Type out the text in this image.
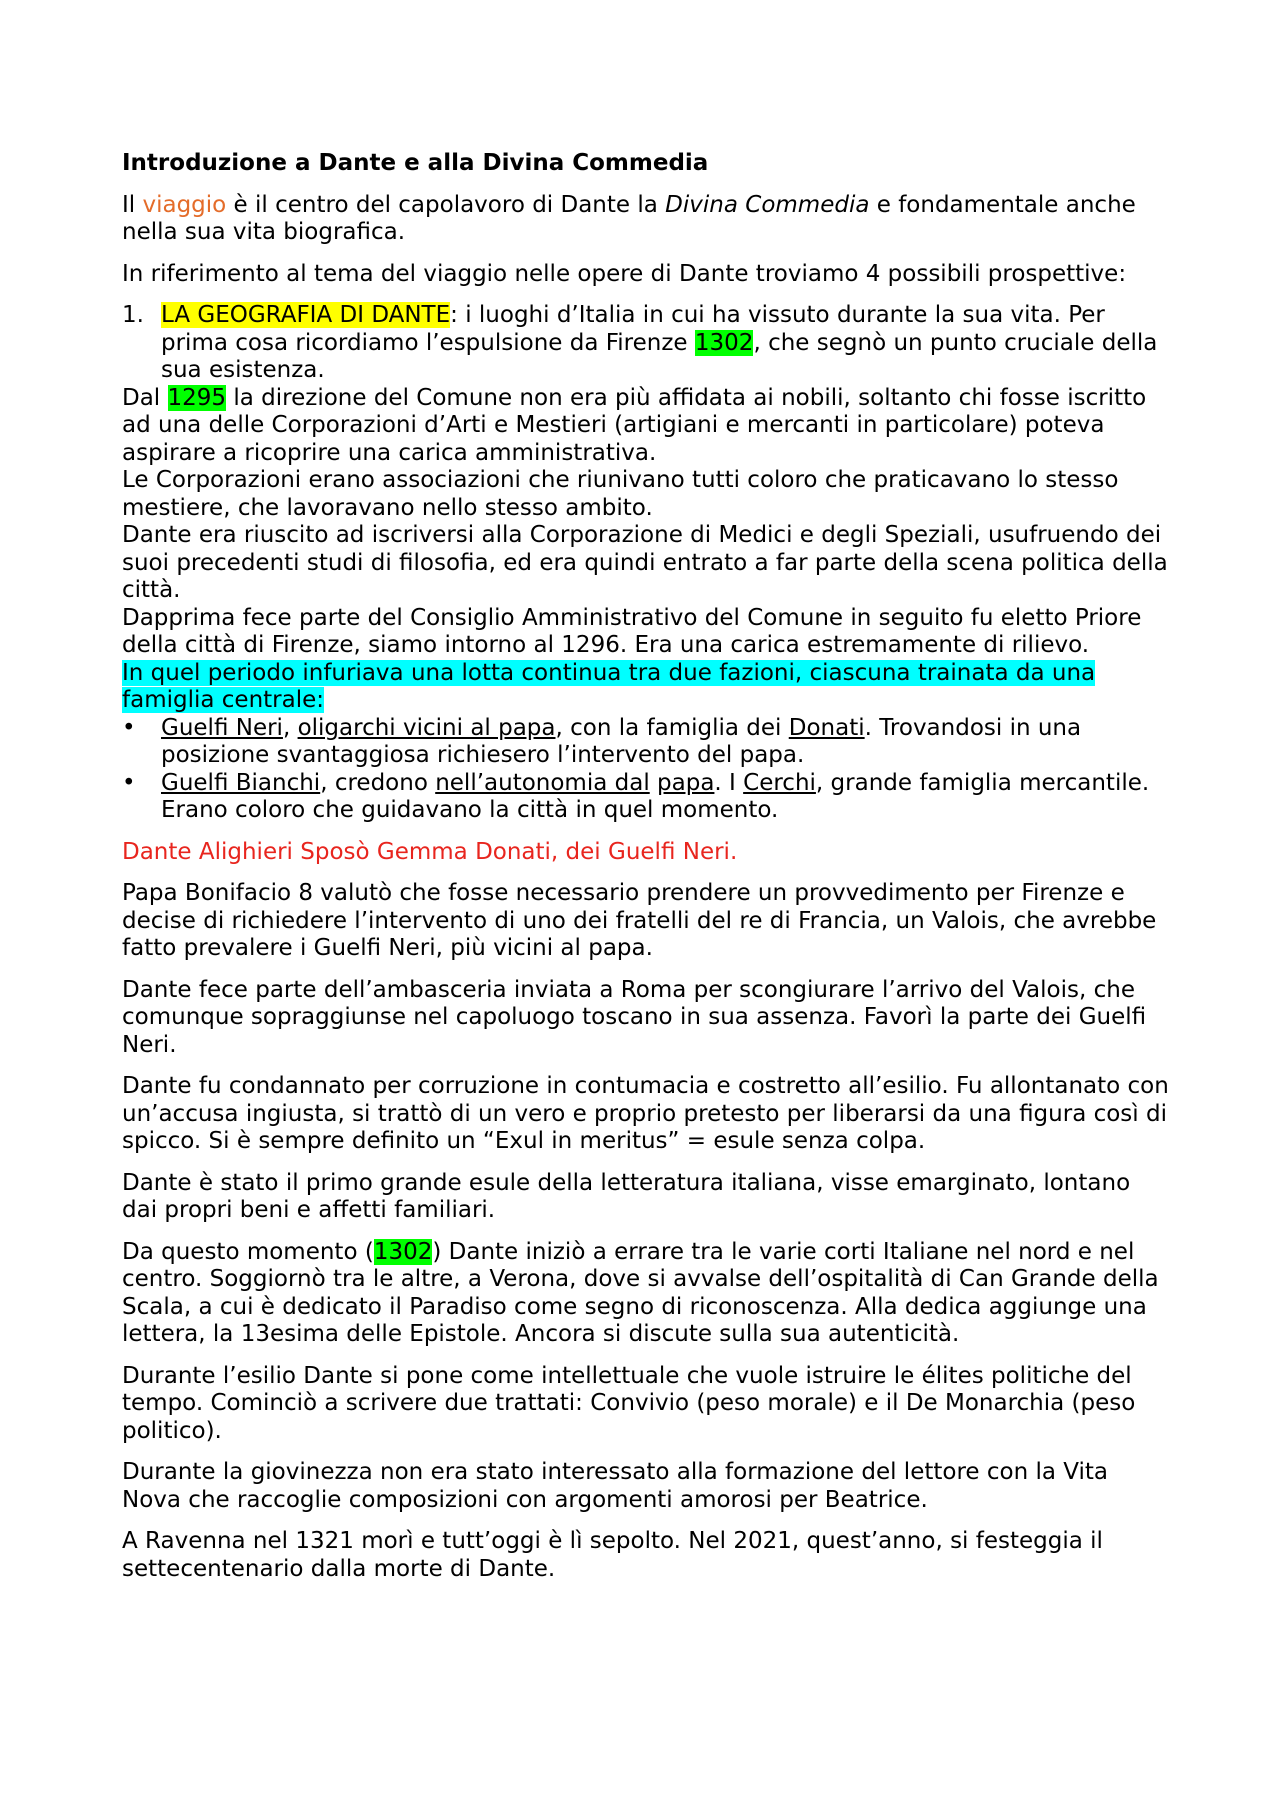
Introduzione a Dante e alla Divina Commedia

Il viaggio è il centro del capolavoro di Dante la Divina Commedia e fondamentale anche nella sua vita biografica.

In riferimento al tema del viaggio nelle opere di Dante troviamo 4 possibili prospettive:

1. LA GEOGRAFIA DI DANTE: i luoghi d’Italia in cui ha vissuto durante la sua vita. Per prima cosa ricordiamo l’espulsione da Firenze 1302, che segnò un punto cruciale della sua esistenza.

Dal 1295 la direzione del Comune non era più affidata ai nobili, soltanto chi fosse iscritto ad una delle Corporazioni d’Arti e Mestieri (artigiani e mercanti in particolare) poteva aspirare a ricoprire una carica amministrativa.

Le Corporazioni erano associazioni che riunivano tutti coloro che praticavano lo stesso mestiere, che lavoravano nello stesso ambito.

Dante era riuscito ad iscriversi alla Corporazione di Medici e degli Speziali, usufruendo dei suoi precedenti studi di filosofia, ed era quindi entrato a far parte della scena politica della città.

Dapprima fece parte del Consiglio Amministrativo del Comune in seguito fu eletto Priore della città di Firenze, siamo intorno al 1296. Era una carica estremamente di rilievo.

In quel periodo infuriava una lotta continua tra due fazioni, ciascuna trainata da una famiglia centrale:

• Guelfi Neri, oligarchi vicini al papa, con la famiglia dei Donati. Trovandosi in una posizione svantaggiosa richiesero l’intervento del papa.
• Guelfi Bianchi, credono nell’autonomia dal papa. I Cerchi, grande famiglia mercantile. Erano coloro che guidavano la città in quel momento.

Dante Alighieri Sposò Gemma Donati, dei Guelfi Neri.

Papa Bonifacio 8 valutò che fosse necessario prendere un provvedimento per Firenze e decise di richiedere l’intervento di uno dei fratelli del re di Francia, un Valois, che avrebbe fatto prevalere i Guelfi Neri, più vicini al papa.

Dante fece parte dell’ambasceria inviata a Roma per scongiurare l’arrivo del Valois, che comunque sopraggiunse nel capoluogo toscano in sua assenza. Favorì la parte dei Guelfi Neri.

Dante fu condannato per corruzione in contumacia e costretto all’esilio. Fu allontanato con un’accusa ingiusta, si trattò di un vero e proprio pretesto per liberarsi da una figura così di spicco. Si è sempre definito un “Exul in meritus” = esule senza colpa.

Dante è stato il primo grande esule della letteratura italiana, visse emarginato, lontano dai propri beni e affetti familiari.

Da questo momento (1302) Dante iniziò a errare tra le varie corti Italiane nel nord e nel centro. Soggiornò tra le altre, a Verona, dove si avvalse dell’ospitalità di Can Grande della Scala, a cui è dedicato il Paradiso come segno di riconoscenza. Alla dedica aggiunge una lettera, la 13esima delle Epistole. Ancora si discute sulla sua autenticità.

Durante l’esilio Dante si pone come intellettuale che vuole istruire le élites politiche del tempo. Cominciò a scrivere due trattati: Convivio (peso morale) e il De Monarchia (peso politico).

Durante la giovinezza non era stato interessato alla formazione del lettore con la Vita Nova che raccoglie composizioni con argomenti amorosi per Beatrice.

A Ravenna nel 1321 morì e tutt’oggi è lì sepolto. Nel 2021, quest’anno, si festeggia il settecentenario dalla morte di Dante.
